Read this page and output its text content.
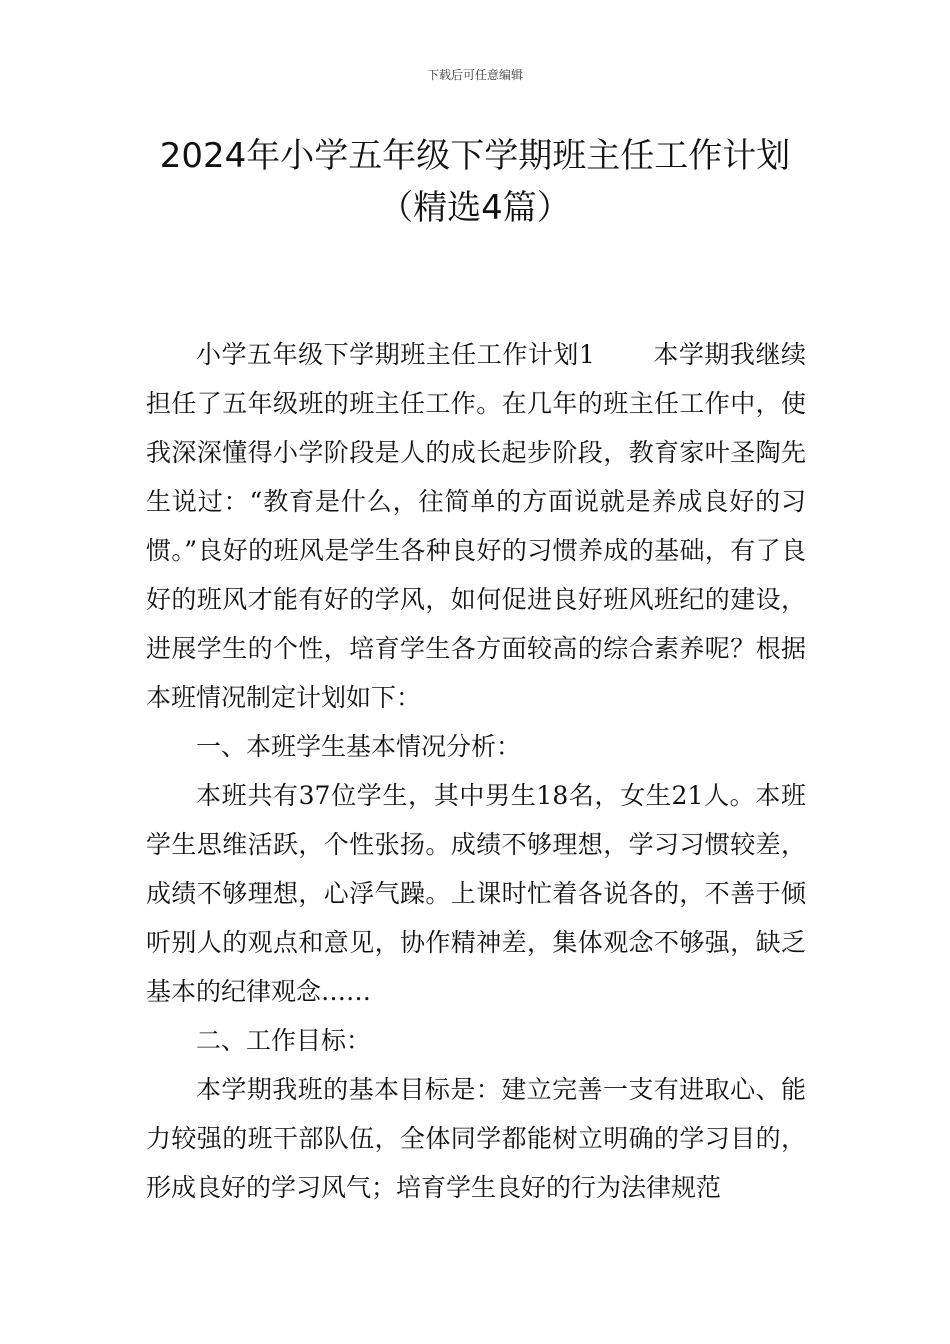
下载后可任意编辑
2024年小学五年级下学期班主任工作计划
（精选4篇）

小学五年级下学期班主任工作计划1 本学期我继续担任了五年级班的班主任工作。在几年的班主任工作中，使我深深懂得小学阶段是人的成长起步阶段，教育家叶圣陶先生说过：“教育是什么，往简单的方面说就是养成良好的习惯。”良好的班风是学生各种良好的习惯养成的基础，有了良好的班风才能有好的学风，如何促进良好班风班纪的建设，进展学生的个性，培育学生各方面较高的综合素养呢？根据本班情况制定计划如下：

一、本班学生基本情况分析：

本班共有37位学生，其中男生18名，女生21人。本班学生思维活跃，个性张扬。成绩不够理想，学习习惯较差，成绩不够理想，心浮气躁。上课时忙着各说各的，不善于倾听别人的观点和意见，协作精神差，集体观念不够强，缺乏基本的纪律观念……

二、工作目标：

本学期我班的基本目标是：建立完善一支有进取心、能力较强的班干部队伍，全体同学都能树立明确的学习目的，形成良好的学习风气；培育学生良好的行为法律规范
